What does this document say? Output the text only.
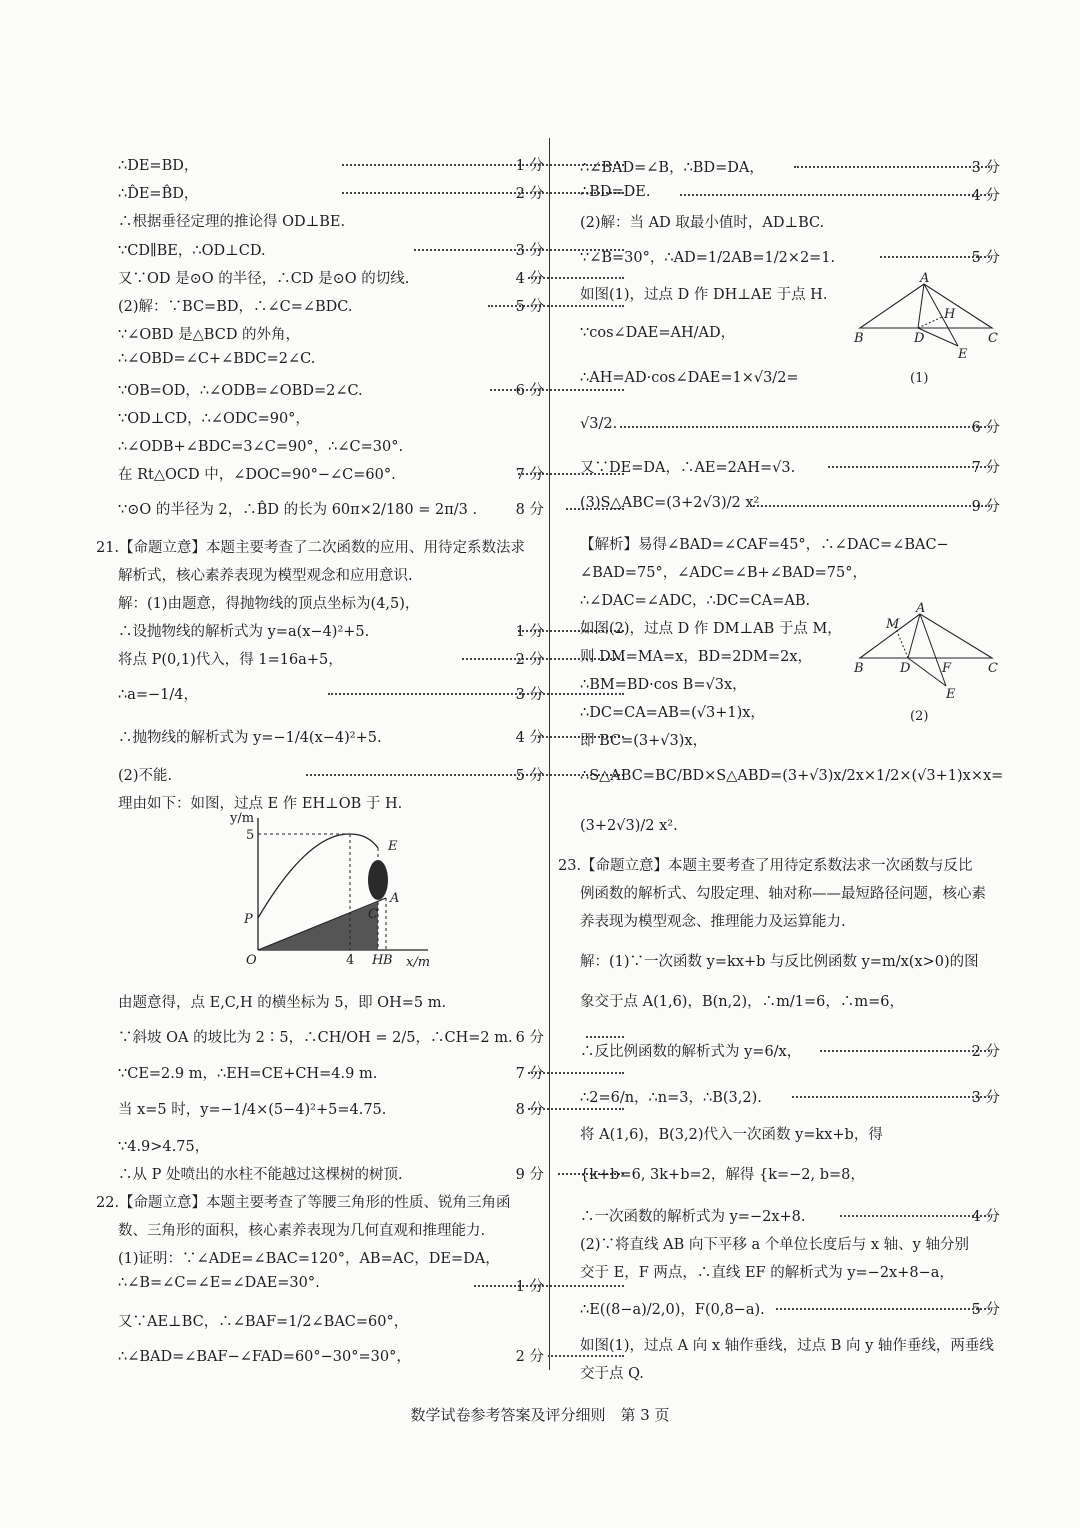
∴DE=BD，	1 分
∴D̂E=B̂D，	2 分
∴根据垂径定理的推论得 OD⊥BE.
∵CD∥BE，∴OD⊥CD.	3 分
又∵OD 是⊙O 的半径，∴CD 是⊙O 的切线.	4 分
(2)解：∵BC=BD，∴∠C=∠BDC.	5 分
∵∠OBD 是△BCD 的外角，
∴∠OBD=∠C+∠BDC=2∠C.
∵OB=OD，∴∠ODB=∠OBD=2∠C.	6 分
∵OD⊥CD，∴∠ODC=90°，
∴∠ODB+∠BDC=3∠C=90°，∴∠C=30°.
在 Rt△OCD 中，∠DOC=90°−∠C=60°.	7 分
∵⊙O 的半径为 2，∴B̂D 的长为 60π×2/180 = 2π/3 .	8 分
21.【命题立意】本题主要考查了二次函数的应用、用待定系数法求
解析式，核心素养表现为模型观念和应用意识.
解：(1)由题意，得抛物线的顶点坐标为(4,5)，
∴设抛物线的解析式为 y=a(x−4)²+5.	1 分
将点 P(0,1)代入，得 1=16a+5，	2 分
∴a=−1/4，	3 分
∴抛物线的解析式为 y=−1/4(x−4)²+5.	4 分
(2)不能.	5 分
理由如下：如图，过点 E 作 EH⊥OB 于 H.
由题意得，点 E,C,H 的横坐标为 5，即 OH=5 m.
∵斜坡 OA 的坡比为 2∶5，∴CH/OH = 2/5，∴CH=2 m. 6 分
∵CE=2.9 m，∴EH=CE+CH=4.9 m.	7 分
当 x=5 时，y=−1/4×(5−4)²+5=4.75.	8 分
∵4.9>4.75，
∴从 P 处喷出的水柱不能越过这棵树的树顶.	9 分
22.【命题立意】本题主要考查了等腰三角形的性质、锐角三角函
数、三角形的面积，核心素养表现为几何直观和推理能力.
(1)证明：∵∠ADE=∠BAC=120°，AB=AC，DE=DA，
∴∠B=∠C=∠E=∠DAE=30°.	1 分
又∵AE⊥BC，∴∠BAF=1/2∠BAC=60°，
∴∠BAD=∠BAF−∠FAD=60°−30°=30°，	2 分
∴∠BAD=∠B，∴BD=DA，	3 分
∴BD=DE.	4 分
(2)解：当 AD 取最小值时，AD⊥BC.
∵∠B=30°，∴AD=1/2AB=1/2×2=1.	5 分
如图(1)，过点 D 作 DH⊥AE 于点 H.
∵cos∠DAE=AH/AD，
∴AH=AD·cos∠DAE=1×√3/2=
√3/2.	6 分
又∵DE=DA，∴AE=2AH=√3.	7 分
(3)S△ABC=(3+2√3)/2 x².	9 分
【解析】易得∠BAD=∠CAF=45°，∴∠DAC=∠BAC−
∠BAD=75°，∠ADC=∠B+∠BAD=75°，
∴∠DAC=∠ADC，∴DC=CA=AB.
如图(2)，过点 D 作 DM⊥AB 于点 M，
则 DM=MA=x，BD=2DM=2x，
∴BM=BD·cos B=√3x，
∴DC=CA=AB=(√3+1)x，
即 BC=(3+√3)x，
∴S△ABC=BC/BD×S△ABD=(3+√3)x/2x×1/2×(√3+1)x×x=
(3+2√3)/2 x².
23.【命题立意】本题主要考查了用待定系数法求一次函数与反比
例函数的解析式、勾股定理、轴对称——最短路径问题，核心素
养表现为模型观念、推理能力及运算能力.
解：(1)∵一次函数 y=kx+b 与反比例函数 y=m/x(x>0)的图
象交于点 A(1,6)，B(n,2)，∴m/1=6，∴m=6，
∴反比例函数的解析式为 y=6/x，	2 分
∴2=6/n，∴n=3，∴B(3,2).	3 分
将 A(1,6)，B(3,2)代入一次函数 y=kx+b，得
{k+b=6, 3k+b=2，解得 {k=−2, b=8，
∴一次函数的解析式为 y=−2x+8.	4 分
(2)∵将直线 AB 向下平移 a 个单位长度后与 x 轴、y 轴分别
交于 E，F 两点，∴直线 EF 的解析式为 y=−2x+8−a，
∴E((8−a)/2,0)，F(0,8−a).	5 分
如图(1)，过点 A 向 x 轴作垂线，过点 B 向 y 轴作垂线，两垂线
交于点 Q.
y/m
x/m
5
P
O	4 H B
E
A
C
A
B	D	C
H
E
(1)
A
M
B	D F	C
E
(2)
数学试卷参考答案及评分细则　第 3 页
